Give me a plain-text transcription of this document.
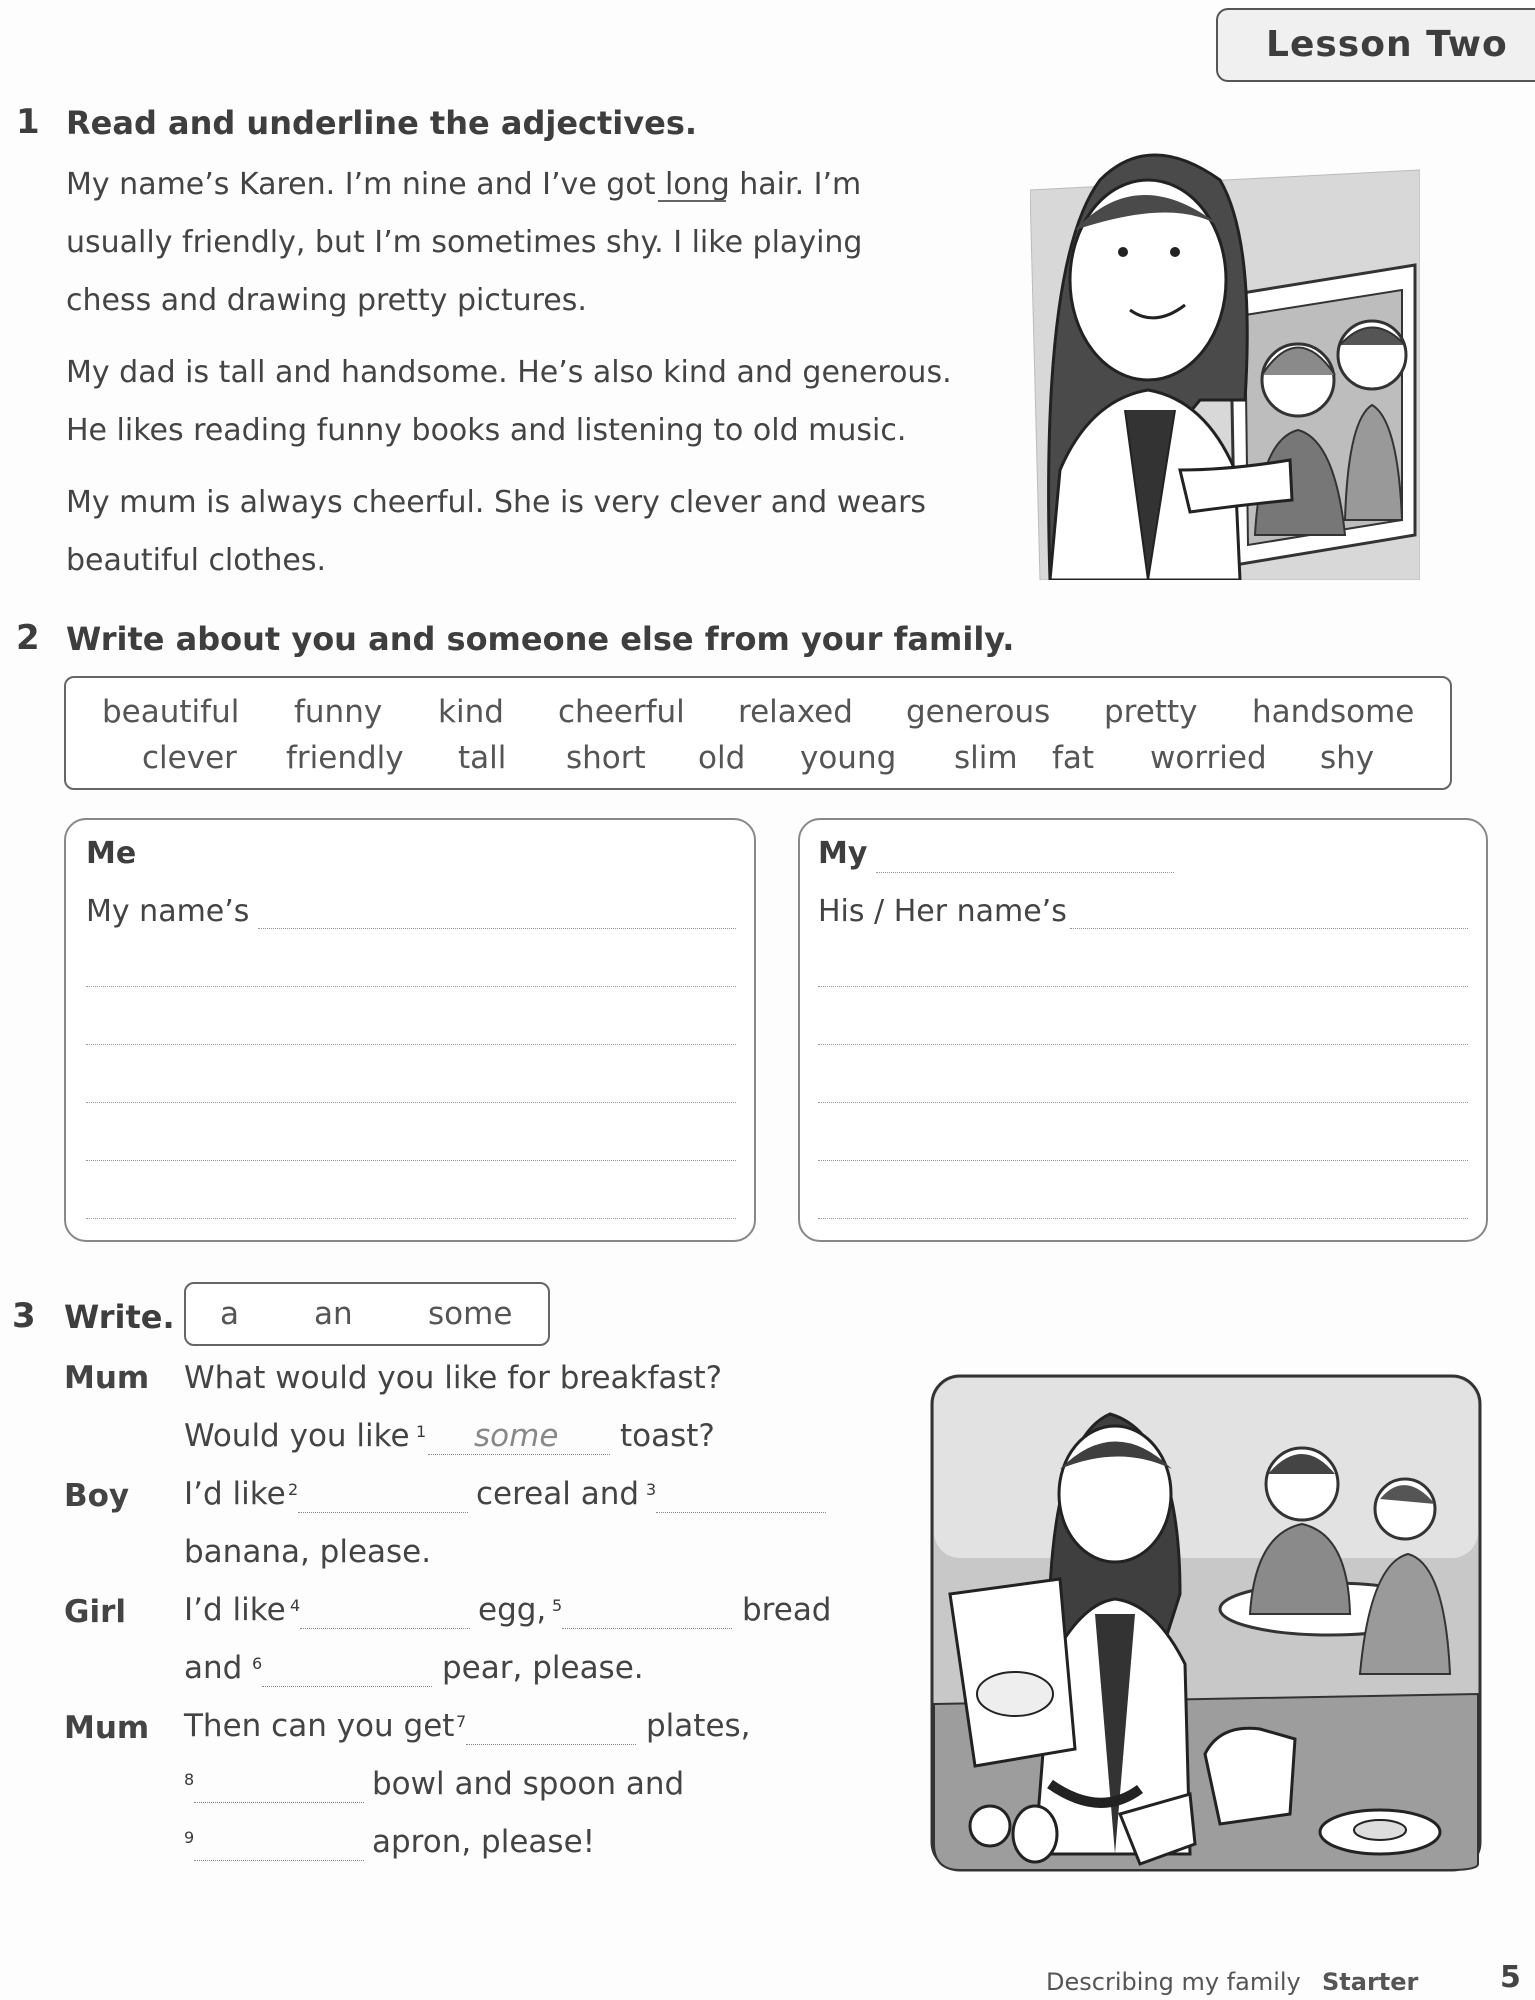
Lesson Two
1 Read and underline the adjectives.
My name’s Karen. I’m nine and I’ve got long hair. I’m
usually friendly, but I’m sometimes shy. I like playing
chess and drawing pretty pictures.
My dad is tall and handsome. He’s also kind and generous.
He likes reading funny books and listening to old music.
My mum is always cheerful. She is very clever and wears
beautiful clothes.
2 Write about you and someone else from your family.
beautiful funny kind cheerful relaxed generous pretty handsome
clever friendly tall short old young slim fat worried shy
Me
My name’s
My
His / Her name’s
3 Write. a an some
Mum What would you like for breakfast?
Would you like 1 some toast?
Boy I’d like 2	cereal and 3
banana, please.
Girl I’d like 4	egg, 5	bread
and 6	pear, please.
Mum Then can you get 7	plates,
8	bowl and spoon and
9	apron, please!
Describing my family Starter	5
